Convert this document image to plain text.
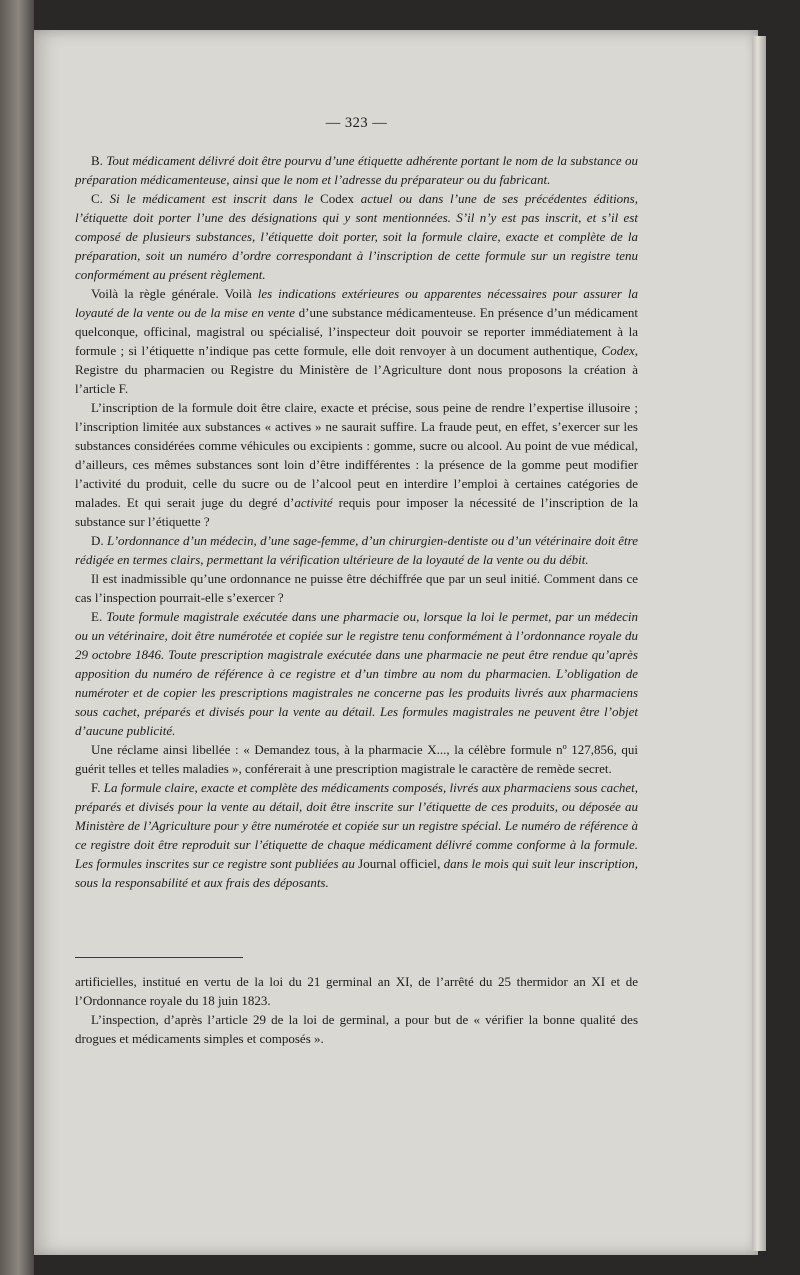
— 323 —

B. Tout médicament délivré doit être pourvu d’une étiquette adhérente portant le nom de la substance ou préparation médicamenteuse, ainsi que le nom et l’adresse du préparateur ou du fabricant.

C. Si le médicament est inscrit dans le Codex actuel ou dans l’une de ses précédentes éditions, l’étiquette doit porter l’une des désignations qui y sont mentionnées. S’il n’y est pas inscrit, et s’il est composé de plusieurs substances, l’étiquette doit porter, soit la formule claire, exacte et complète de la préparation, soit un numéro d’ordre correspondant à l’inscription de cette formule sur un registre tenu conformément au présent règlement.

Voilà la règle générale. Voilà les indications extérieures ou apparentes nécessaires pour assurer la loyauté de la vente ou de la mise en vente d’une substance médicamenteuse. En présence d’un médicament quelconque, officinal, magistral ou spécialisé, l’inspecteur doit pouvoir se reporter immédiatement à la formule ; si l’étiquette n’indique pas cette formule, elle doit renvoyer à un document authentique, Codex, Registre du pharmacien ou Registre du Ministère de l’Agriculture dont nous proposons la création à l’article F.

L’inscription de la formule doit être claire, exacte et précise, sous peine de rendre l’expertise illusoire ; l’inscription limitée aux substances « actives » ne saurait suffire. La fraude peut, en effet, s’exercer sur les substances considérées comme véhicules ou excipients : gomme, sucre ou alcool. Au point de vue médical, d’ailleurs, ces mêmes substances sont loin d’être indifférentes : la présence de la gomme peut modifier l’activité du produit, celle du sucre ou de l’alcool peut en interdire l’emploi à certaines catégories de malades. Et qui serait juge du degré d’activité requis pour imposer la nécessité de l’inscription de la substance sur l’étiquette ?

D. L’ordonnance d’un médecin, d’une sage-femme, d’un chirurgien-dentiste ou d’un vétérinaire doit être rédigée en termes clairs, permettant la vérification ultérieure de la loyauté de la vente ou du débit.

Il est inadmissible qu’une ordonnance ne puisse être déchiffrée que par un seul initié. Comment dans ce cas l’inspection pourrait-elle s’exercer ?

E. Toute formule magistrale exécutée dans une pharmacie ou, lorsque la loi le permet, par un médecin ou un vétérinaire, doit être numérotée et copiée sur le registre tenu conformément à l’ordonnance royale du 29 octobre 1846. Toute prescription magistrale exécutée dans une pharmacie ne peut être rendue qu’après apposition du numéro de référence à ce registre et d’un timbre au nom du pharmacien. L’obligation de numéroter et de copier les prescriptions magistrales ne concerne pas les produits livrés aux pharmaciens sous cachet, préparés et divisés pour la vente au détail. Les formules magistrales ne peuvent être l’objet d’aucune publicité.

Une réclame ainsi libellée : « Demandez tous, à la pharmacie X..., la célèbre formule nº 127,856, qui guérit telles et telles maladies », conférerait à une prescription magistrale le caractère de remède secret.

F. La formule claire, exacte et complète des médicaments composés, livrés aux pharmaciens sous cachet, préparés et divisés pour la vente au détail, doit être inscrite sur l’étiquette de ces produits, ou déposée au Ministère de l’Agriculture pour y être numérotée et copiée sur un registre spécial. Le numéro de référence à ce registre doit être reproduit sur l’étiquette de chaque médicament délivré comme conforme à la formule. Les formules inscrites sur ce registre sont publiées au Journal officiel, dans le mois qui suit leur inscription, sous la responsabilité et aux frais des déposants.

artificielles, institué en vertu de la loi du 21 germinal an XI, de l’arrêté du 25 thermidor an XI et de l’Ordonnance royale du 18 juin 1823.

L’inspection, d’après l’article 29 de la loi de germinal, a pour but de « vérifier la bonne qualité des drogues et médicaments simples et composés ».
